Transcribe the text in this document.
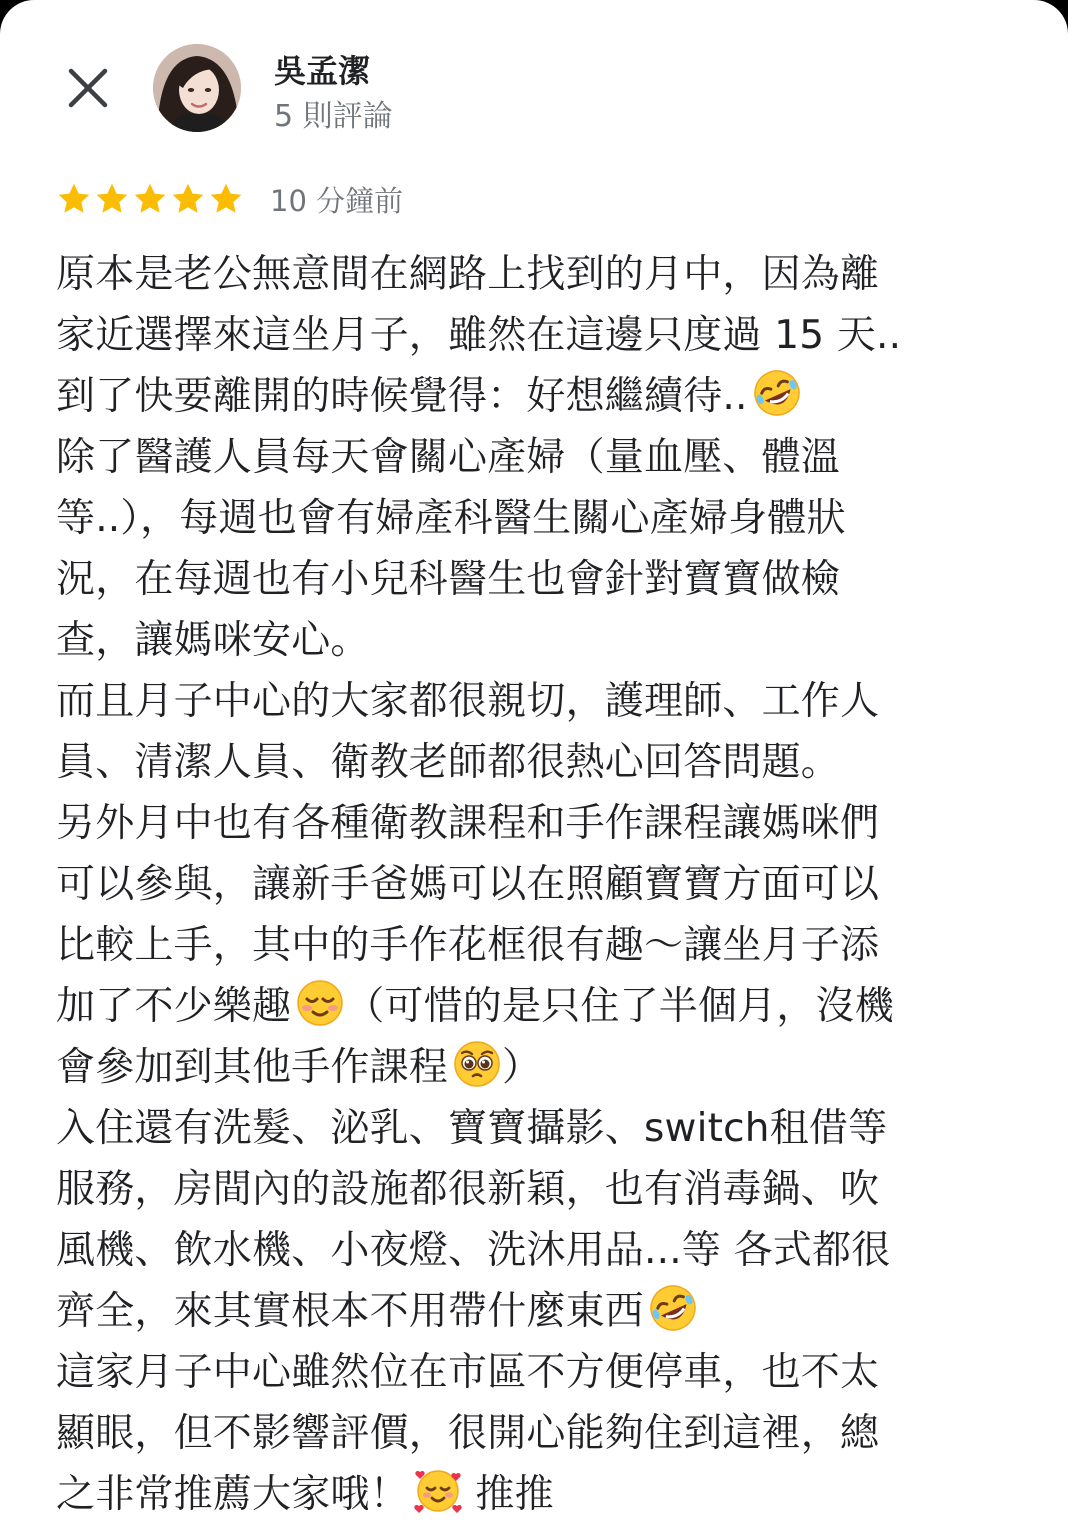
吳孟潔
5 則評論
10 分鐘前
原本是老公無意間在網路上找到的月中，因為離
家近選擇來這坐月子，雖然在這邊只度過 15 天..
到了快要離開的時候覺得：好想繼續待..
除了醫護人員每天會關心產婦（量血壓、體溫
等..），每週也會有婦產科醫生關心產婦身體狀
況，在每週也有小兒科醫生也會針對寶寶做檢
查，讓媽咪安心。
而且月子中心的大家都很親切，護理師、工作人
員、清潔人員、衛教老師都很熱心回答問題。
另外月中也有各種衛教課程和手作課程讓媽咪們
可以參與，讓新手爸媽可以在照顧寶寶方面可以
比較上手，其中的手作花框很有趣～讓坐月子添
加了不少樂趣 （可惜的是只住了半個月，沒機
會參加到其他手作課程 ）
入住還有洗髮、泌乳、寶寶攝影、switch租借等
服務，房間內的設施都很新穎，也有消毒鍋、吹
風機、飲水機、小夜燈、洗沐用品...等 各式都很
齊全，來其實根本不用帶什麼東西
這家月子中心雖然位在市區不方便停車，也不太
顯眼，但不影響評價，很開心能夠住到這裡，總
之非常推薦大家哦！ 推推
